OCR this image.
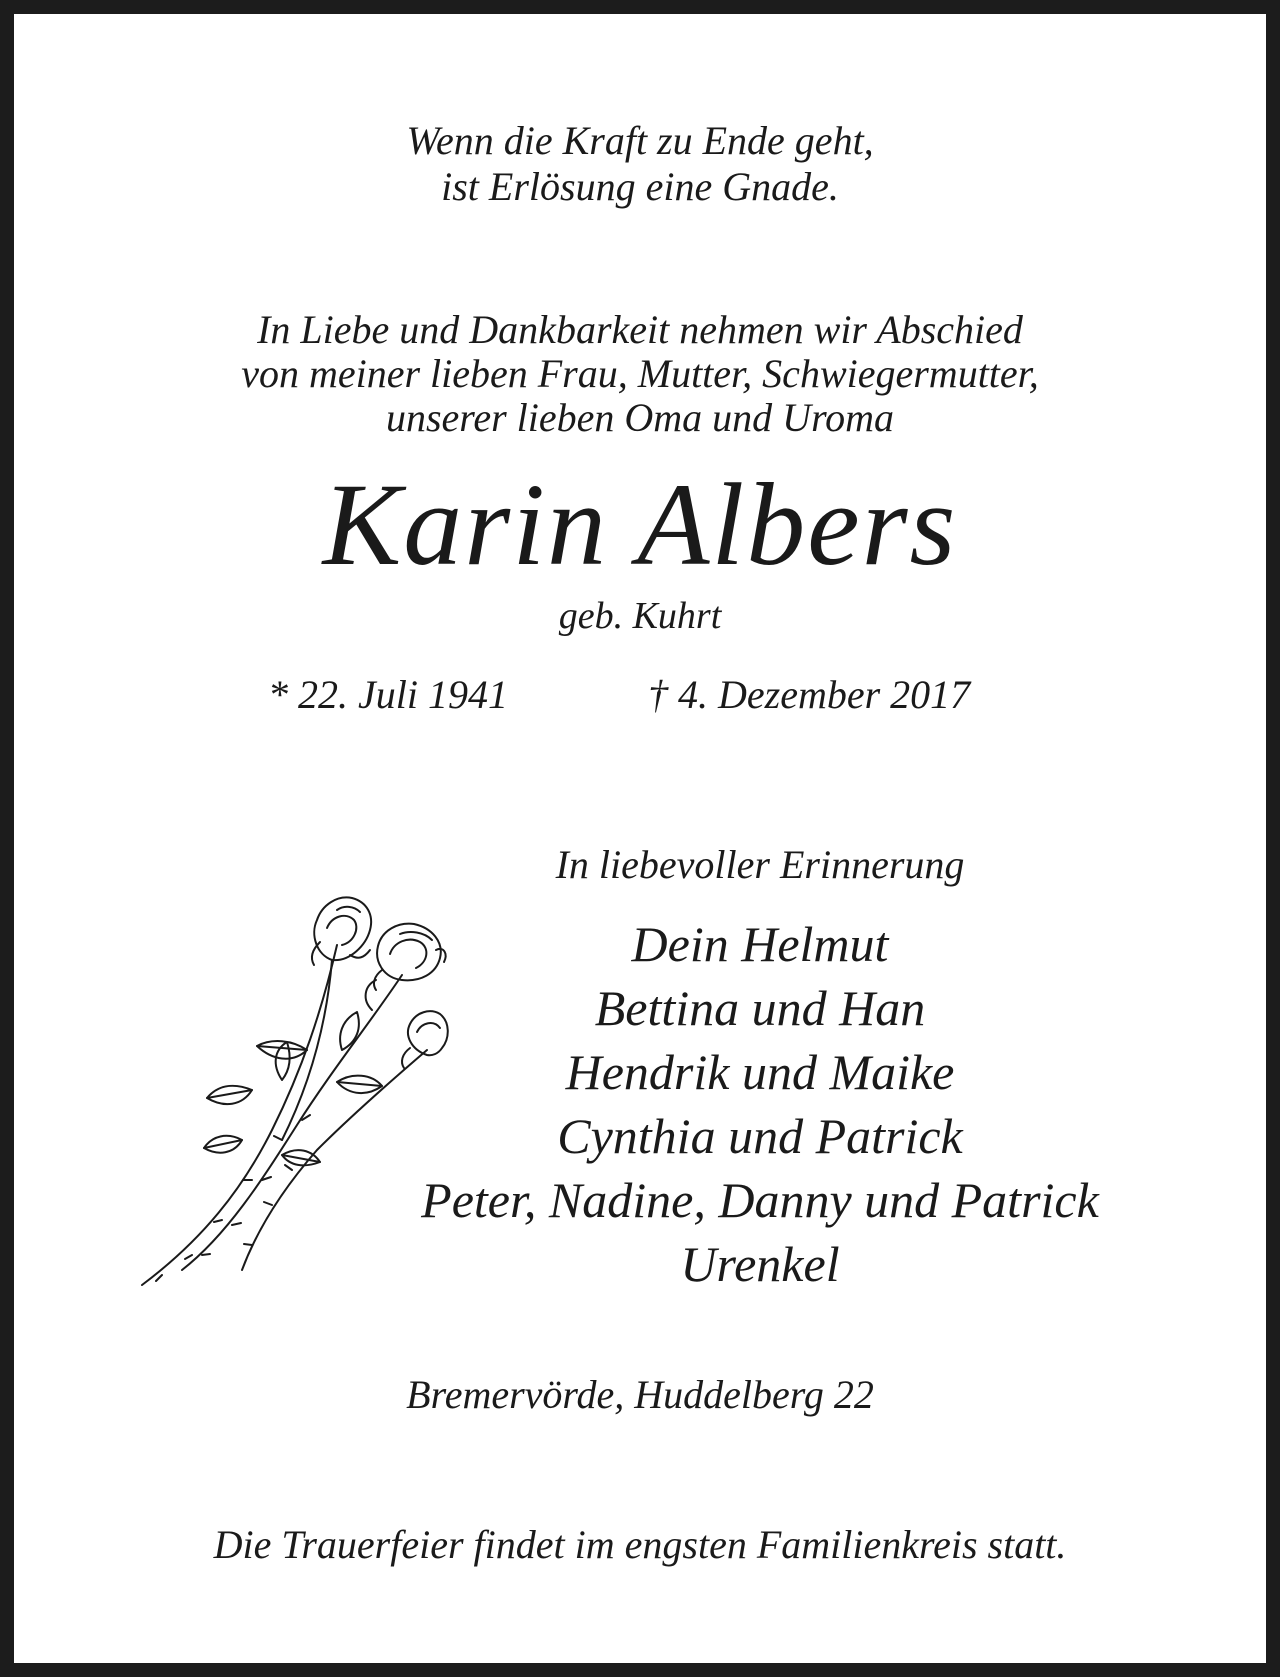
Wenn die Kraft zu Ende geht,
ist Erlösung eine Gnade.

In Liebe und Dankbarkeit nehmen wir Abschied
von meiner lieben Frau, Mutter, Schwiegermutter,
unserer lieben Oma und Uroma

Karin Albers

geb. Kuhrt

* 22. Juli 1941	† 4. Dezember 2017
In liebevoller Erinnerung
Dein Helmut
Bettina und Han
Hendrik und Maike
Cynthia und Patrick
Peter, Nadine, Danny und Patrick
Urenkel

Bremervörde, Huddelberg 22

Die Trauerfeier findet im engsten Familienkreis statt.
